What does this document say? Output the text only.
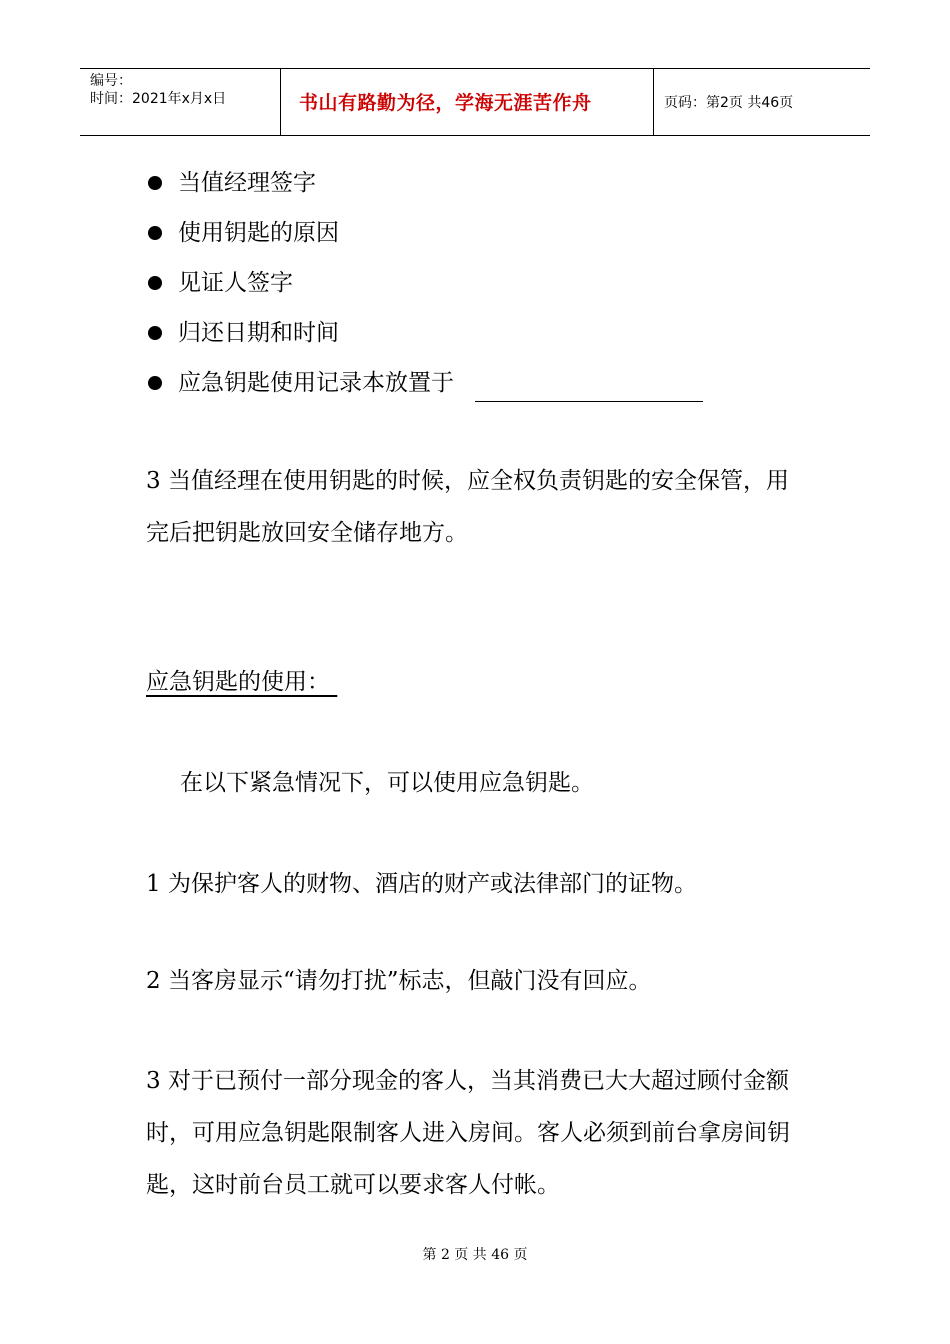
编号：
时间：2021年x月x日	书山有路勤为径，学海无涯苦作舟	页码：第2页 共46页
当值经理签字
使用钥匙的原因
见证人签字
归还日期和时间
应急钥匙使用记录本放置于

3 当值经理在使用钥匙的时候，应全权负责钥匙的安全保管，用完后把钥匙放回安全储存地方。

应急钥匙的使用：

在以下紧急情况下，可以使用应急钥匙。

1 为保护客人的财物、酒店的财产或法律部门的证物。

2 当客房显示“请勿打扰”标志，但敲门没有回应。

3 对于已预付一部分现金的客人，当其消费已大大超过顾付金额时，可用应急钥匙限制客人进入房间。客人必须到前台拿房间钥匙，这时前台员工就可以要求客人付帐。

第 2 页 共 46 页
